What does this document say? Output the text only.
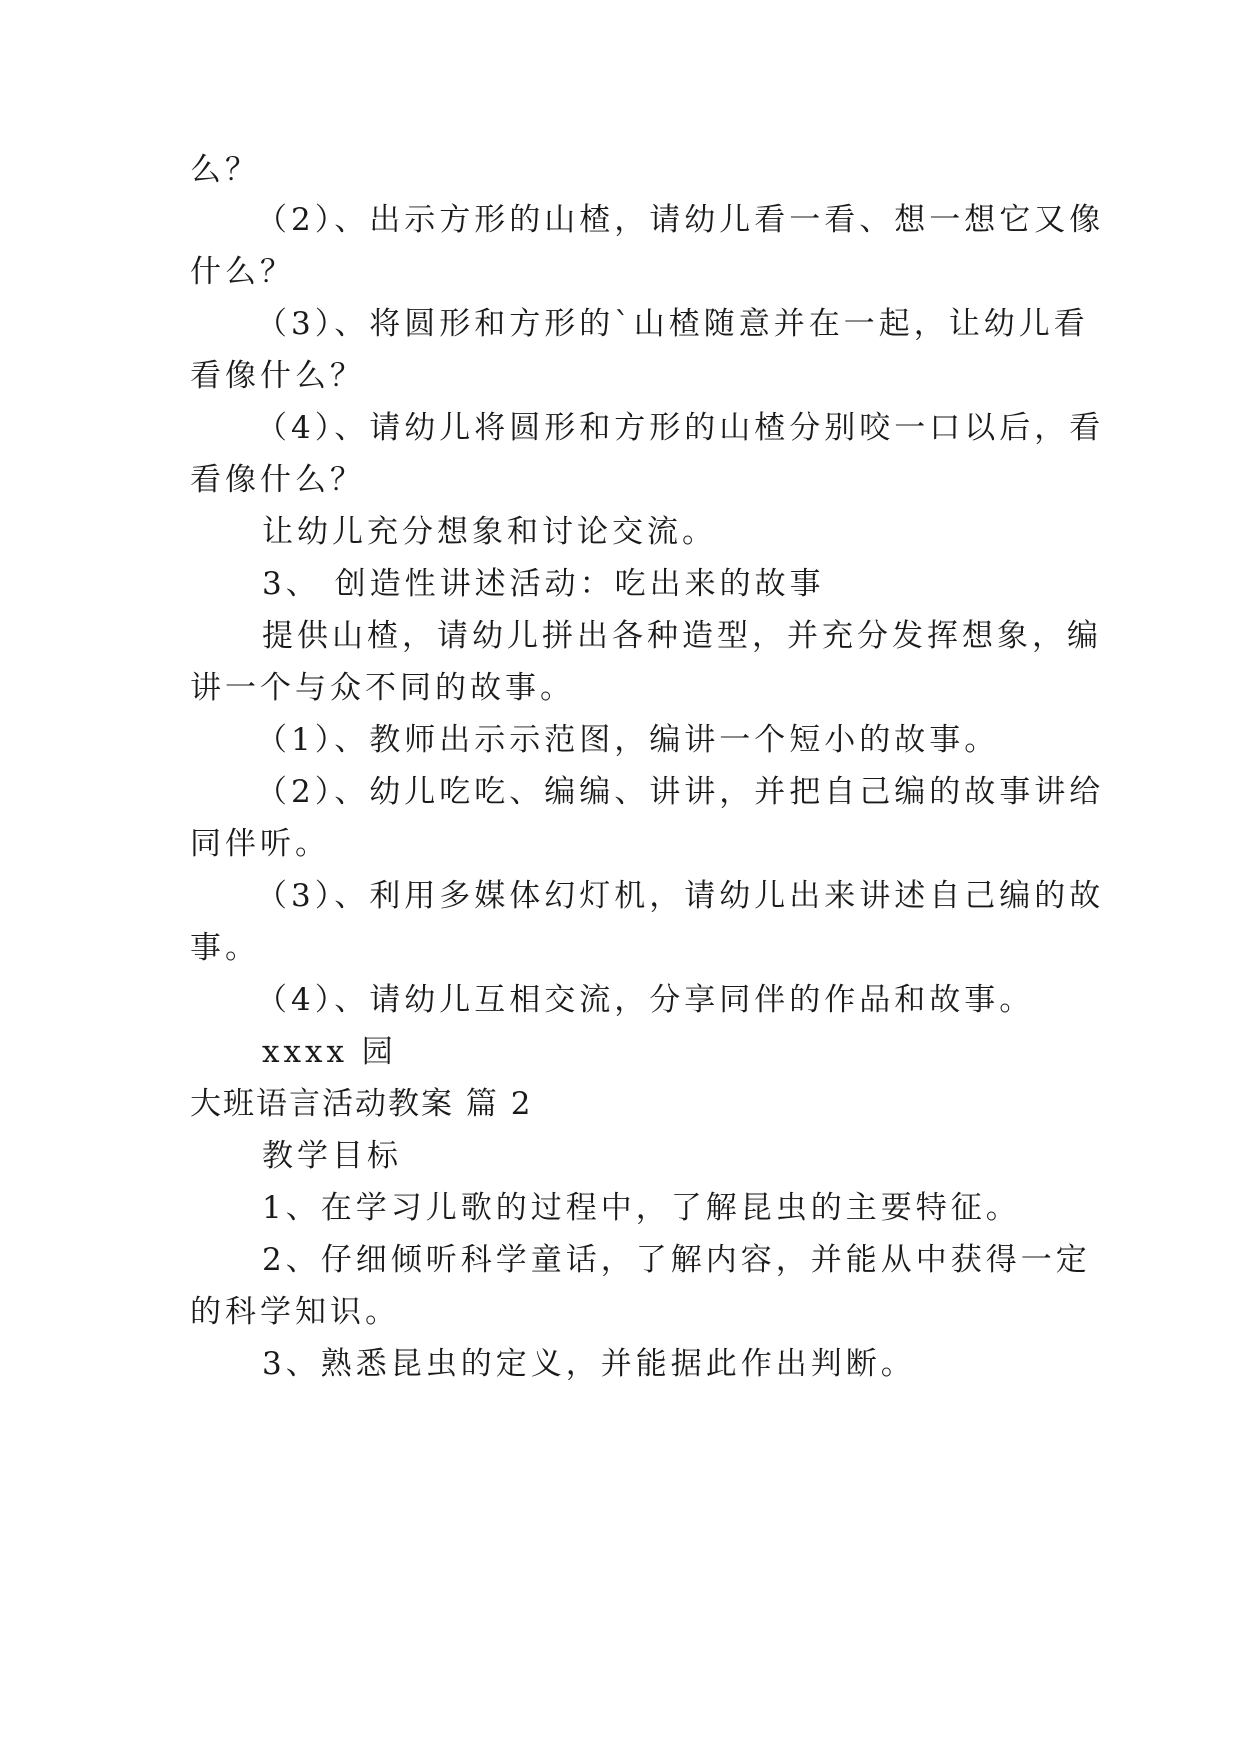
么？
（2）、出示方形的山楂，请幼儿看一看、想一想它又像
什么？
（3）、将圆形和方形的`山楂随意并在一起，让幼儿看
看像什么？
（4）、请幼儿将圆形和方形的山楂分别咬一口以后，看
看像什么？
让幼儿充分想象和讨论交流。
3、 创造性讲述活动：吃出来的故事
提供山楂，请幼儿拼出各种造型，并充分发挥想象，编
讲一个与众不同的故事。
（1）、教师出示示范图，编讲一个短小的故事。
（2）、幼儿吃吃、编编、讲讲，并把自己编的故事讲给
同伴听。
（3）、利用多媒体幻灯机，请幼儿出来讲述自己编的故
事。
（4）、请幼儿互相交流，分享同伴的作品和故事。
xxxx 园
大班语言活动教案 篇 2
教学目标
1、在学习儿歌的过程中，了解昆虫的主要特征。
2、仔细倾听科学童话，了解内容，并能从中获得一定
的科学知识。
3、熟悉昆虫的定义，并能据此作出判断。
